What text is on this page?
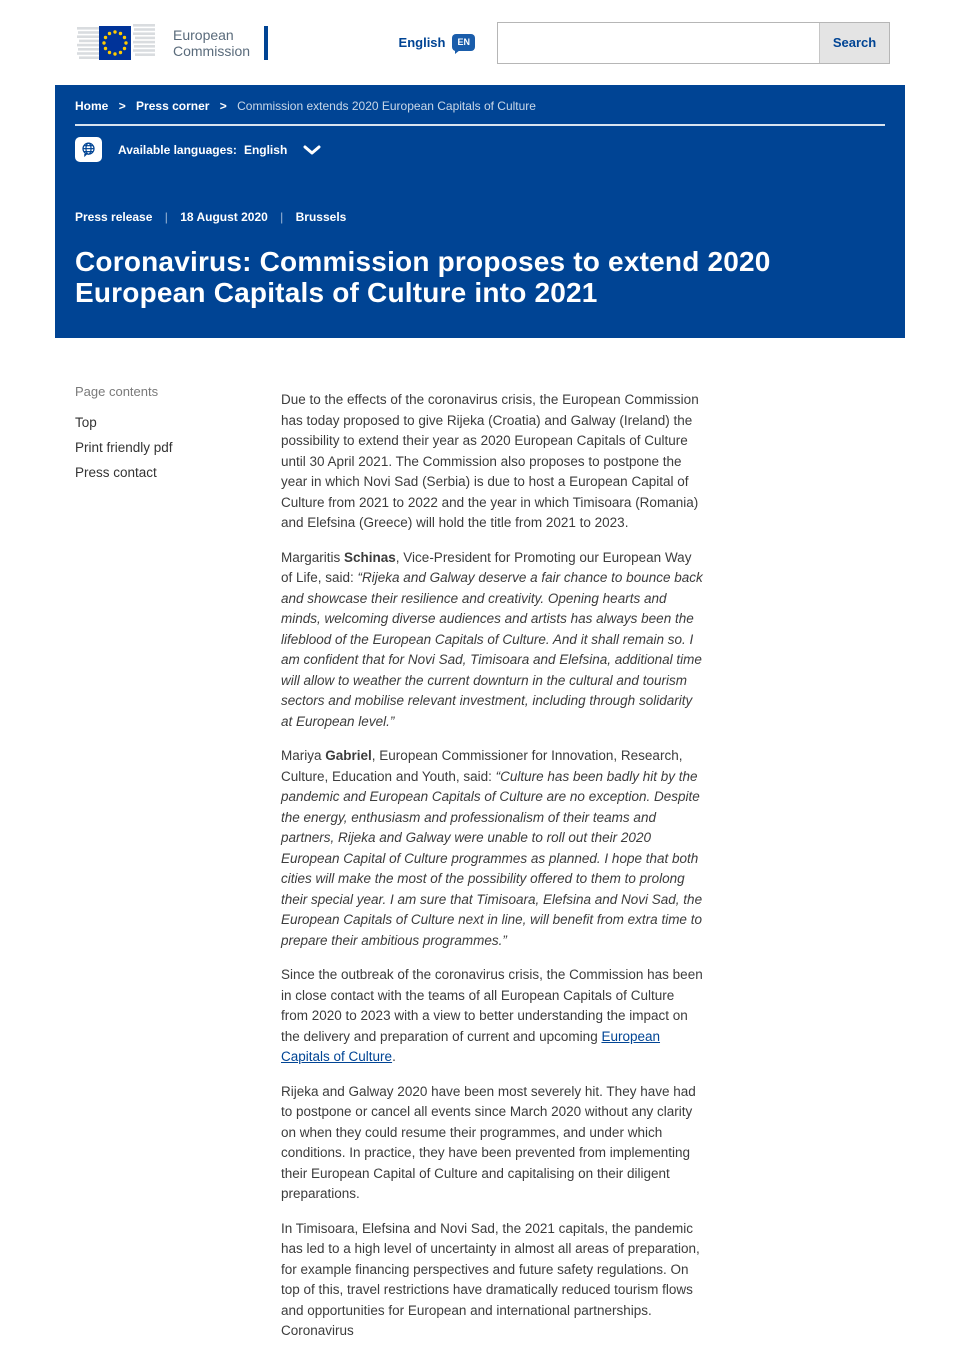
European
Commission	English	EN	Search
Home > Press corner > Commission extends 2020 European Capitals of Culture
Available languages: English
Press release | 18 August 2020 | Brussels
Coronavirus: Commission proposes to extend 2020 European Capitals of Culture into 2021

Page contents

Top
Print friendly pdf
Press contact

Due to the effects of the coronavirus crisis, the European Commission has today proposed to give Rijeka (Croatia) and Galway (Ireland) the possibility to extend their year as 2020 European Capitals of Culture until 30 April 2021. The Commission also proposes to postpone the year in which Novi Sad (Serbia) is due to host a European Capital of Culture from 2021 to 2022 and the year in which Timisoara (Romania) and Elefsina (Greece) will hold the title from 2021 to 2023.

Margaritis Schinas, Vice-President for Promoting our European Way of Life, said: “Rijeka and Galway deserve a fair chance to bounce back and showcase their resilience and creativity. Opening hearts and minds, welcoming diverse audiences and artists has always been the lifeblood of the European Capitals of Culture. And it shall remain so. I am confident that for Novi Sad, Timisoara and Elefsina, additional time will allow to weather the current downturn in the cultural and tourism sectors and mobilise relevant investment, including through solidarity at European level.”

Mariya Gabriel, European Commissioner for Innovation, Research, Culture, Education and Youth, said: “Culture has been badly hit by the pandemic and European Capitals of Culture are no exception. Despite the energy, enthusiasm and professionalism of their teams and partners, Rijeka and Galway were unable to roll out their 2020 European Capital of Culture programmes as planned. I hope that both cities will make the most of the possibility offered to them to prolong their special year. I am sure that Timisoara, Elefsina and Novi Sad, the European Capitals of Culture next in line, will benefit from extra time to prepare their ambitious programmes.”

Since the outbreak of the coronavirus crisis, the Commission has been in close contact with the teams of all European Capitals of Culture from 2020 to 2023 with a view to better understanding the impact on the delivery and preparation of current and upcoming European Capitals of Culture.

Rijeka and Galway 2020 have been most severely hit. They have had to postpone or cancel all events since March 2020 without any clarity on when they could resume their programmes, and under which conditions. In practice, they have been prevented from implementing their European Capital of Culture and capitalising on their diligent preparations.

In Timisoara, Elefsina and Novi Sad, the 2021 capitals, the pandemic has led to a high level of uncertainty in almost all areas of preparation, for example financing perspectives and future safety regulations. On top of this, travel restrictions have dramatically reduced tourism flows and opportunities for European and international partnerships. Coronavirus
